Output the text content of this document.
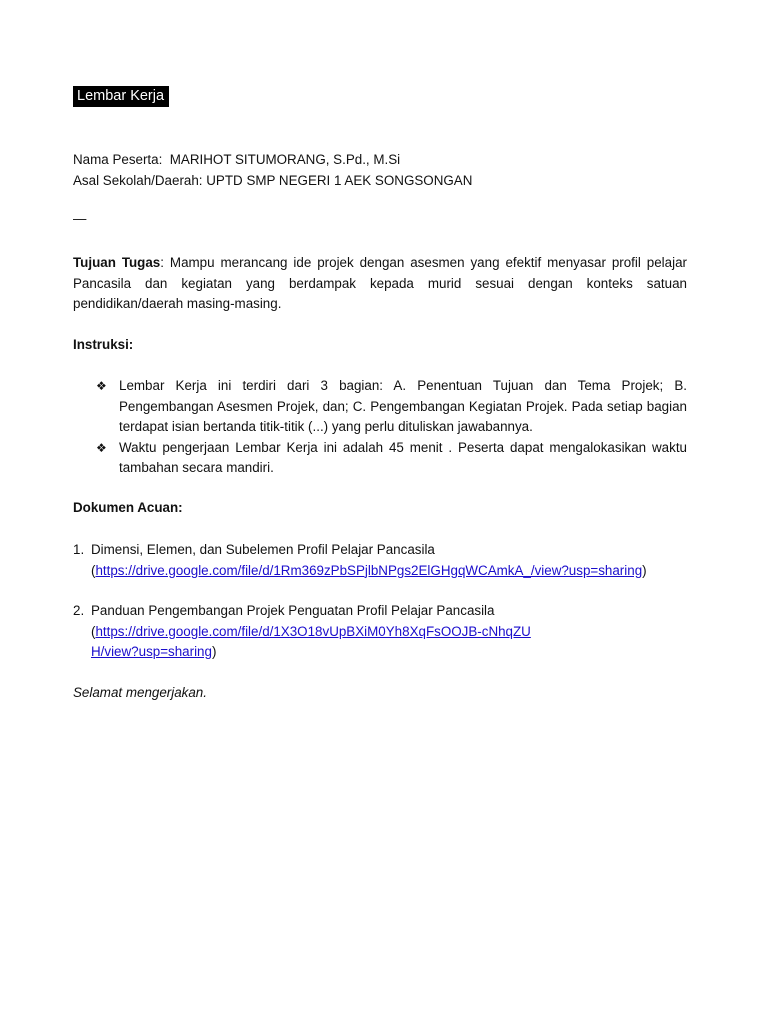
Lembar Kerja

Nama Peserta: MARIHOT SITUMORANG, S.Pd., M.Si

Asal Sekolah/Daerah: UPTD SMP NEGERI 1 AEK SONGSONGAN

—

Tujuan Tugas: Mampu merancang ide projek dengan asesmen yang efektif menyasar profil pelajar Pancasila dan kegiatan yang berdampak kepada murid sesuai dengan konteks satuan pendidikan/daerah masing-masing.

Instruksi:

❖ Lembar Kerja ini terdiri dari 3 bagian: A. Penentuan Tujuan dan Tema Projek; B. Pengembangan Asesmen Projek, dan; C. Pengembangan Kegiatan Projek. Pada setiap bagian terdapat isian bertanda titik-titik (...) yang perlu dituliskan jawabannya.

❖ Waktu pengerjaan Lembar Kerja ini adalah 45 menit . Peserta dapat mengalokasikan waktu tambahan secara mandiri.

Dokumen Acuan:

1. Dimensi, Elemen, dan Subelemen Profil Pelajar Pancasila
(https://drive.google.com/file/d/1Rm369zPbSPjlbNPgs2ElGHgqWCAmkA_/view?usp=sharing)

2. Panduan Pengembangan Projek Penguatan Profil Pelajar Pancasila
(https://drive.google.com/file/d/1X3O18vUpBXiM0Yh8XqFsOOJB-cNhqZUH/view?usp=sharing)

Selamat mengerjakan.
